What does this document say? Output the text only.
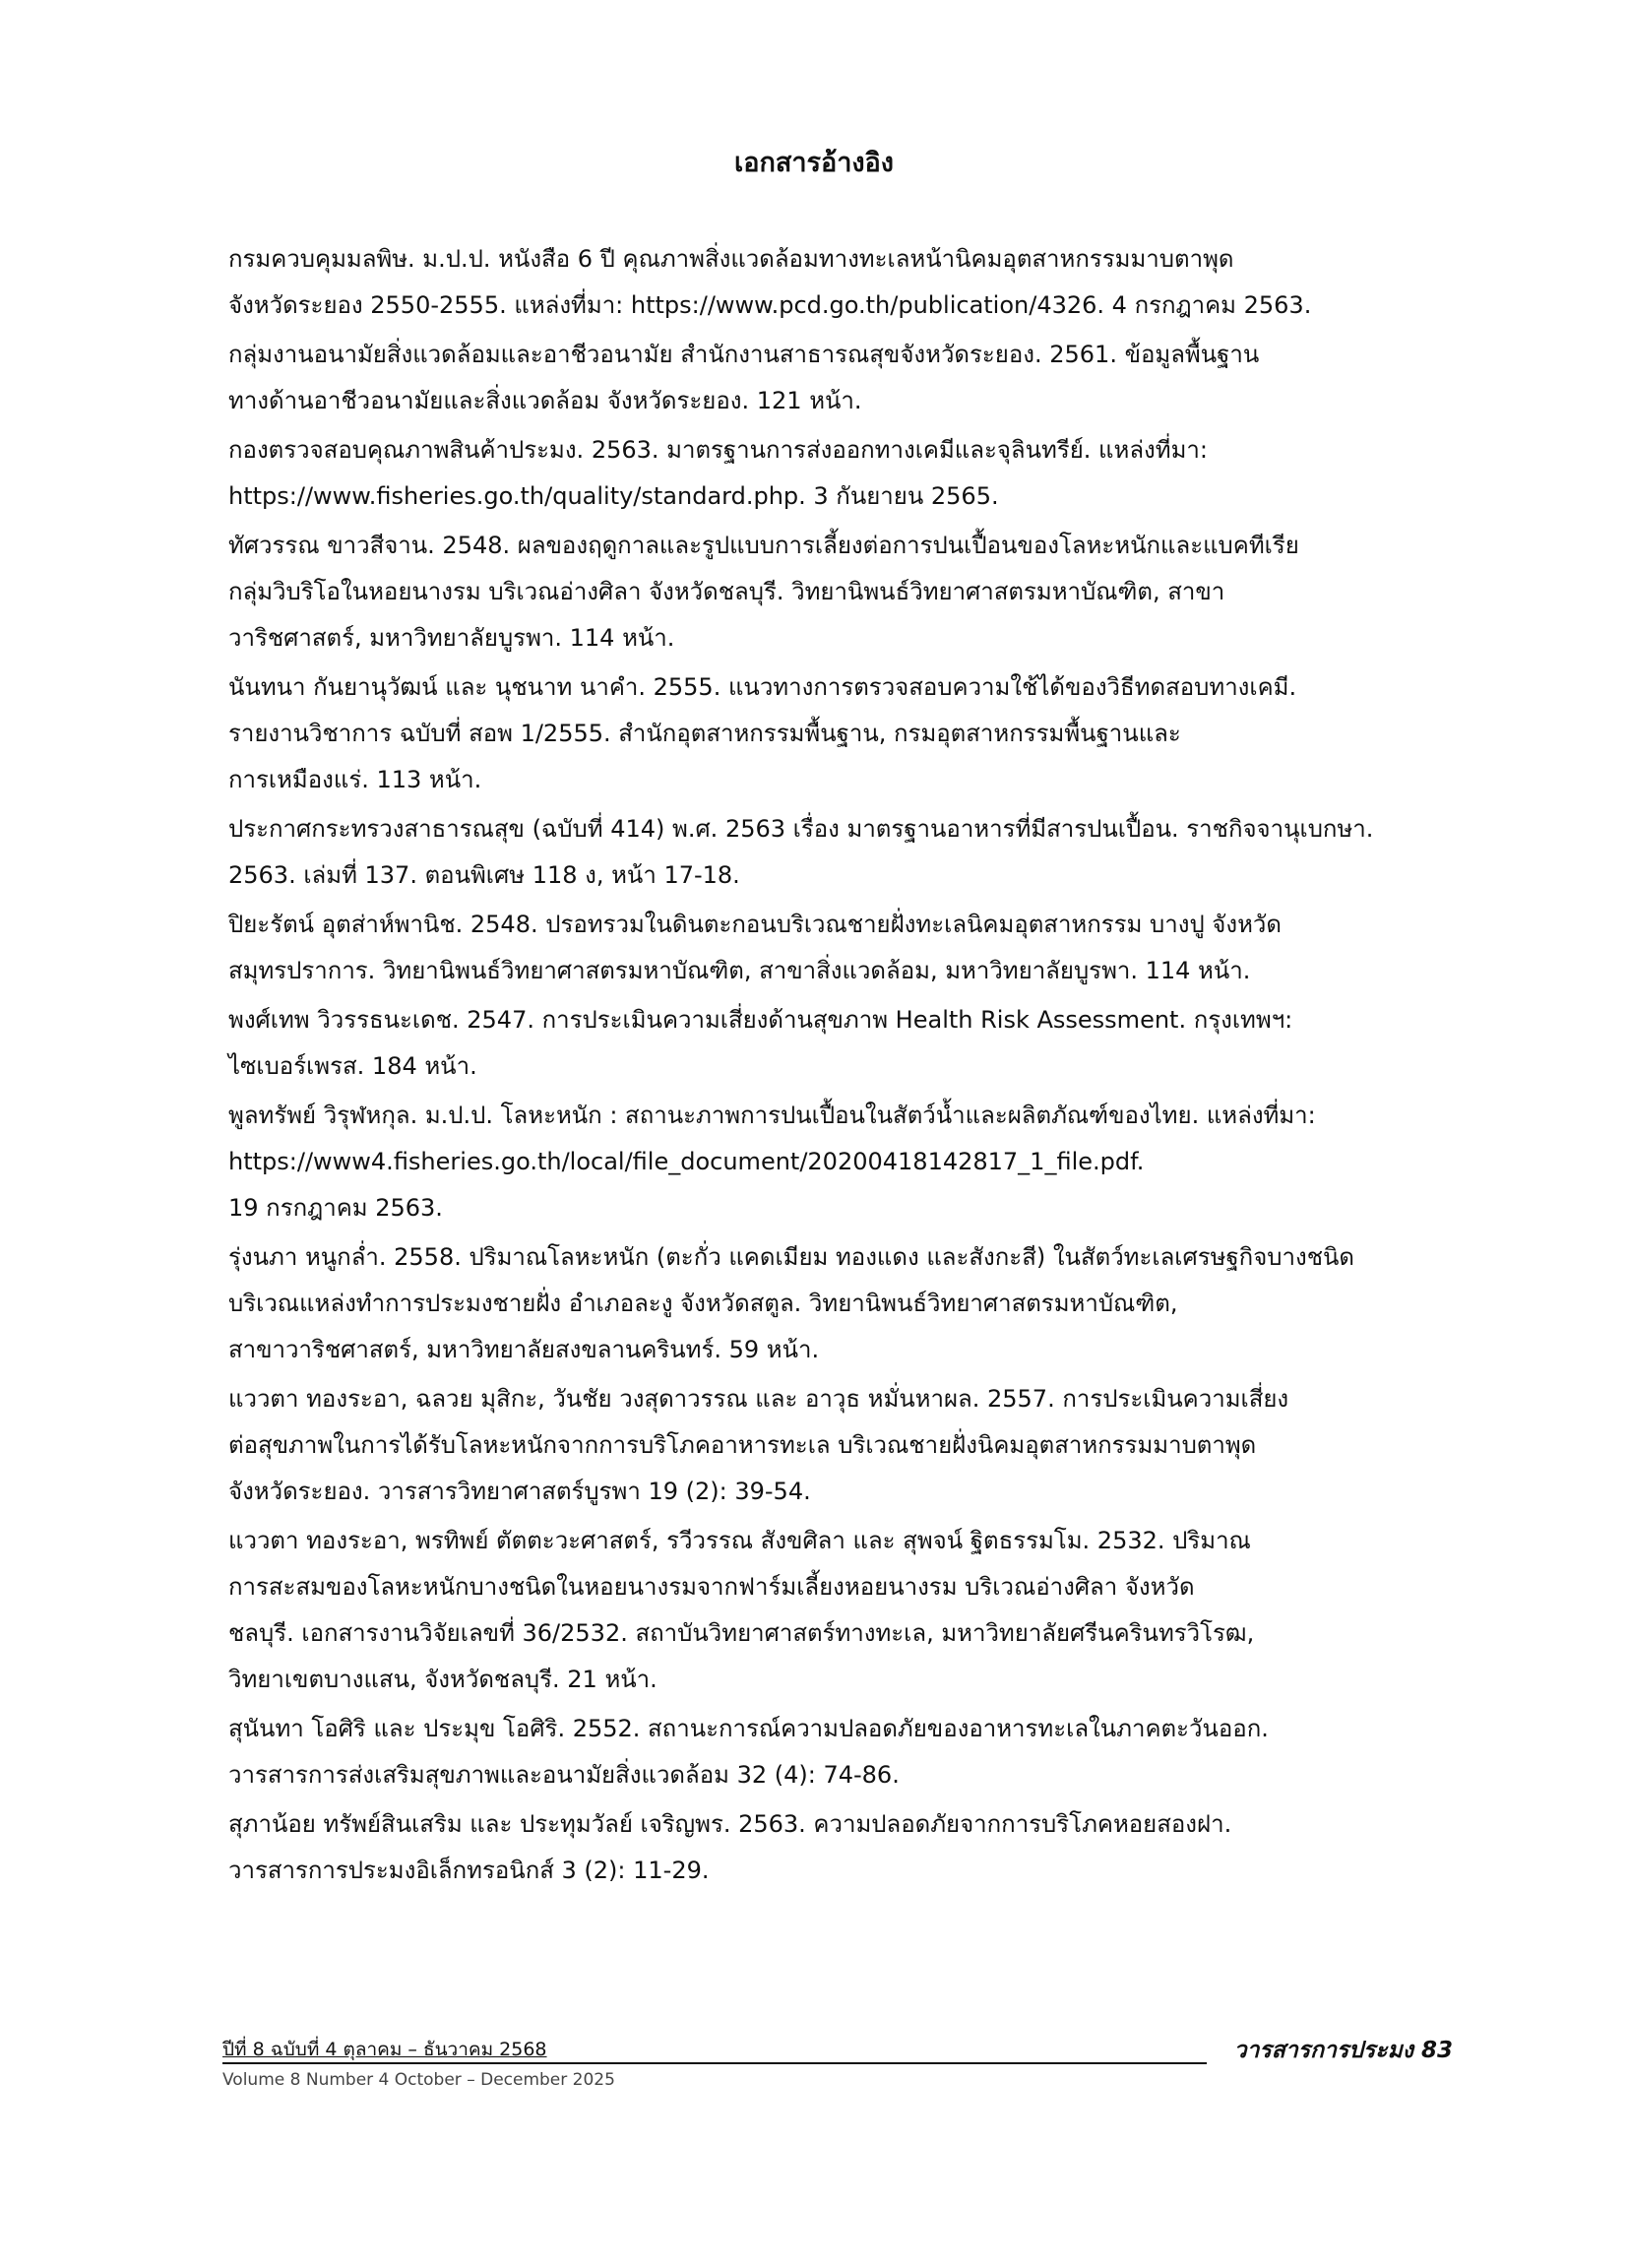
เอกสารอ้างอิง

กรมควบคุมมลพิษ. ม.ป.ป. หนังสือ 6 ปี คุณภาพสิ่งแวดล้อมทางทะเลหน้านิคมอุตสาหกรรมมาบตาพุด
จังหวัดระยอง 2550-2555. แหล่งที่มา: https://www.pcd.go.th/publication/4326. 4 กรกฎาคม 2563.

กลุ่มงานอนามัยสิ่งแวดล้อมและอาชีวอนามัย สำนักงานสาธารณสุขจังหวัดระยอง. 2561. ข้อมูลพื้นฐาน
ทางด้านอาชีวอนามัยและสิ่งแวดล้อม จังหวัดระยอง. 121 หน้า.

กองตรวจสอบคุณภาพสินค้าประมง. 2563. มาตรฐานการส่งออกทางเคมีและจุลินทรีย์. แหล่งที่มา:
https://www.fisheries.go.th/quality/standard.php. 3 กันยายน 2565.

ทัศวรรณ ขาวสีจาน. 2548. ผลของฤดูกาลและรูปแบบการเลี้ยงต่อการปนเปื้อนของโลหะหนักและแบคทีเรีย
กลุ่มวิบริโอในหอยนางรม บริเวณอ่างศิลา จังหวัดชลบุรี. วิทยานิพนธ์วิทยาศาสตรมหาบัณฑิต, สาขา
วาริชศาสตร์, มหาวิทยาลัยบูรพา. 114 หน้า.

นันทนา กันยานุวัฒน์ และ นุชนาท นาคำ. 2555. แนวทางการตรวจสอบความใช้ได้ของวิธีทดสอบทางเคมี.
รายงานวิชาการ ฉบับที่ สอพ 1/2555. สำนักอุตสาหกรรมพื้นฐาน, กรมอุตสาหกรรมพื้นฐานและ
การเหมืองแร่. 113 หน้า.

ประกาศกระทรวงสาธารณสุข (ฉบับที่ 414) พ.ศ. 2563 เรื่อง มาตรฐานอาหารที่มีสารปนเปื้อน. ราชกิจจานุเบกษา.
2563. เล่มที่ 137. ตอนพิเศษ 118 ง, หน้า 17-18.

ปิยะรัตน์ อุตส่าห์พานิช. 2548. ปรอทรวมในดินตะกอนบริเวณชายฝั่งทะเลนิคมอุตสาหกรรม บางปู จังหวัด
สมุทรปราการ. วิทยานิพนธ์วิทยาศาสตรมหาบัณฑิต, สาขาสิ่งแวดล้อม, มหาวิทยาลัยบูรพา. 114 หน้า.

พงศ์เทพ วิวรรธนะเดช. 2547. การประเมินความเสี่ยงด้านสุขภาพ Health Risk Assessment. กรุงเทพฯ:
ไซเบอร์เพรส. 184 หน้า.

พูลทรัพย์ วิรุฬหกุล. ม.ป.ป. โลหะหนัก : สถานะภาพการปนเปื้อนในสัตว์น้ำและผลิตภัณฑ์ของไทย. แหล่งที่มา:
https://www4.fisheries.go.th/local/file_document/20200418142817_1_file.pdf.
19 กรกฎาคม 2563.

รุ่งนภา หนูกล่ำ. 2558. ปริมาณโลหะหนัก (ตะกั่ว แคดเมียม ทองแดง และสังกะสี) ในสัตว์ทะเลเศรษฐกิจบางชนิด
บริเวณแหล่งทำการประมงชายฝั่ง อำเภอละงู จังหวัดสตูล. วิทยานิพนธ์วิทยาศาสตรมหาบัณฑิต,
สาขาวาริชศาสตร์, มหาวิทยาลัยสงขลานครินทร์. 59 หน้า.

แววตา ทองระอา, ฉลวย มุสิกะ, วันชัย วงสุดาวรรณ และ อาวุธ หมั่นหาผล. 2557. การประเมินความเสี่ยง
ต่อสุขภาพในการได้รับโลหะหนักจากการบริโภคอาหารทะเล บริเวณชายฝั่งนิคมอุตสาหกรรมมาบตาพุด
จังหวัดระยอง. วารสารวิทยาศาสตร์บูรพา 19 (2): 39-54.

แววตา ทองระอา, พรทิพย์ ตัตตะวะศาสตร์, รวีวรรณ สังขศิลา และ สุพจน์ ฐิตธรรมโม. 2532. ปริมาณ
การสะสมของโลหะหนักบางชนิดในหอยนางรมจากฟาร์มเลี้ยงหอยนางรม บริเวณอ่างศิลา จังหวัด
ชลบุรี. เอกสารงานวิจัยเลขที่ 36/2532. สถาบันวิทยาศาสตร์ทางทะเล, มหาวิทยาลัยศรีนครินทรวิโรฒ,
วิทยาเขตบางแสน, จังหวัดชลบุรี. 21 หน้า.

สุนันทา โอศิริ และ ประมุข โอศิริ. 2552. สถานะการณ์ความปลอดภัยของอาหารทะเลในภาคตะวันออก.
วารสารการส่งเสริมสุขภาพและอนามัยสิ่งแวดล้อม 32 (4): 74-86.

สุภาน้อย ทรัพย์สินเสริม และ ประทุมวัลย์ เจริญพร. 2563. ความปลอดภัยจากการบริโภคหอยสองฝา.
วารสารการประมงอิเล็กทรอนิกส์ 3 (2): 11-29.

ปีที่ 8 ฉบับที่ 4 ตุลาคม – ธันวาคม 2568	วารสารการประมง 83
Volume 8 Number 4 October – December 2025
